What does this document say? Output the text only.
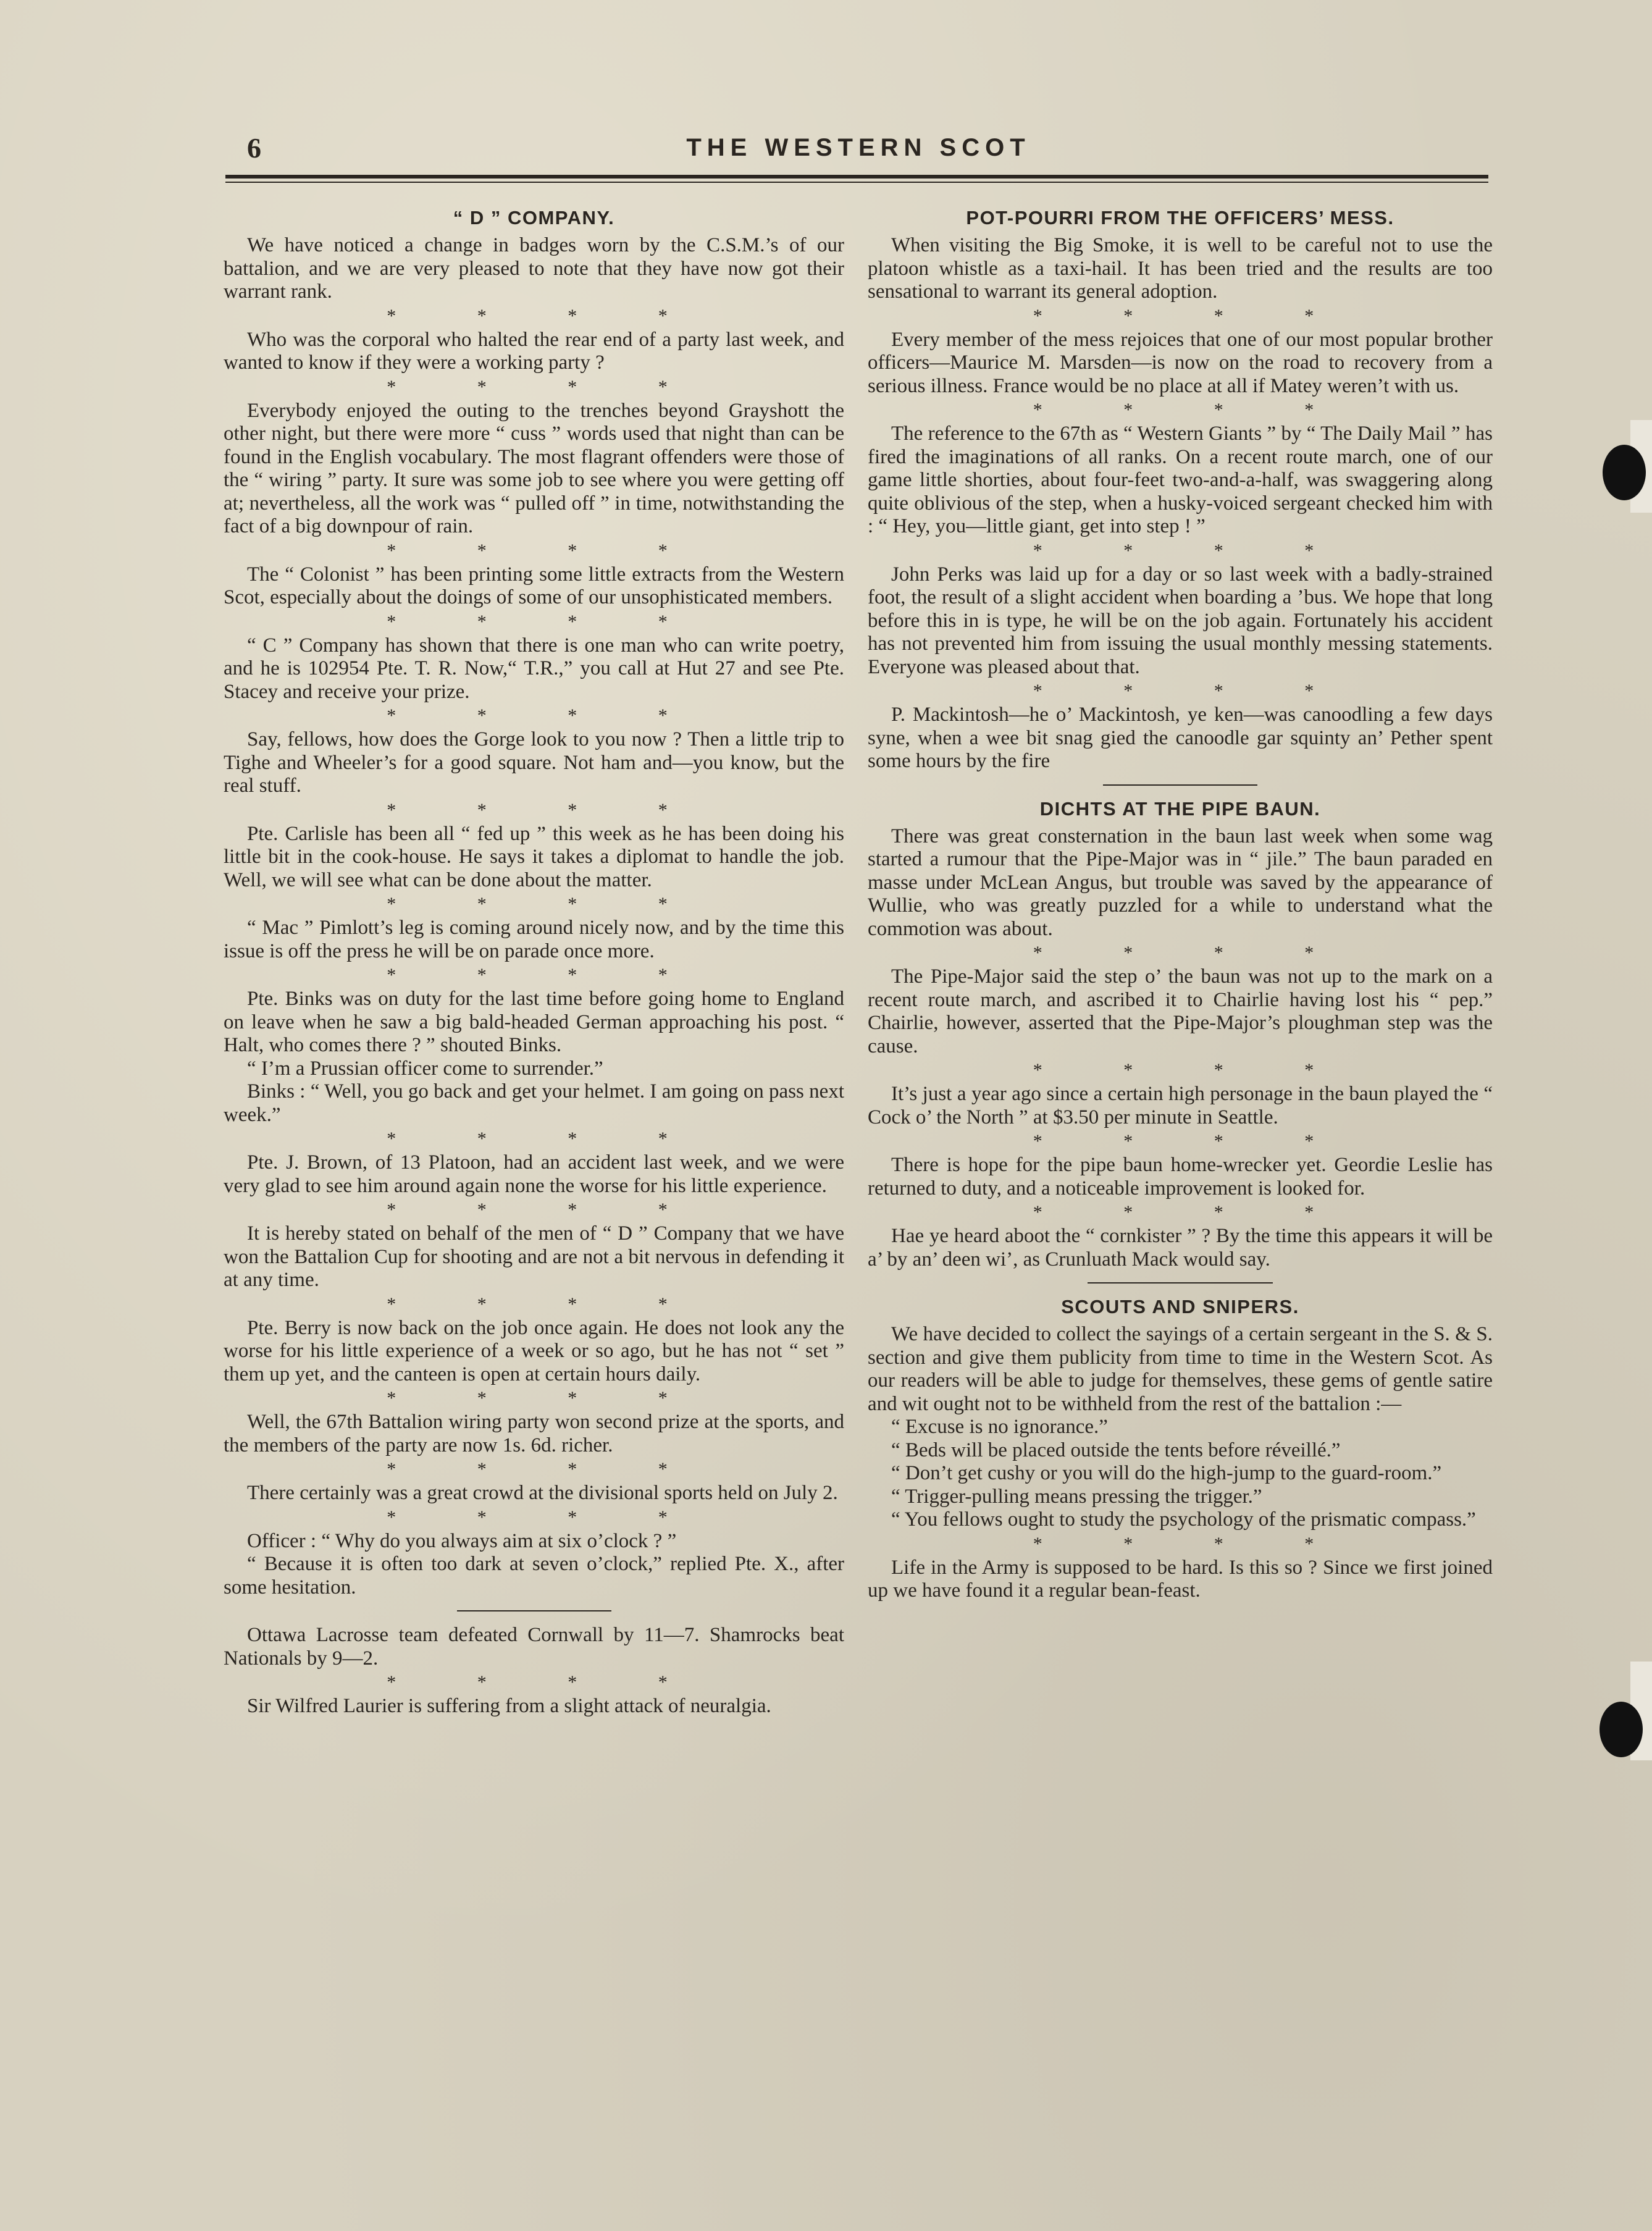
6	THE WESTERN SCOT
“ D ” COMPANY.

We have noticed a change in badges worn by the C.S.M.’s of our battalion, and we are very pleased to note that they have now got their warrant rank.

* * * *

Who was the corporal who halted the rear end of a party last week, and wanted to know if they were a working party ?

* * * *

Everybody enjoyed the outing to the trenches beyond Grayshott the other night, but there were more “ cuss ” words used that night than can be found in the English vocabulary. The most flagrant offenders were those of the “ wiring ” party. It sure was some job to see where you were getting off at; nevertheless, all the work was “ pulled off ” in time, notwithstanding the fact of a big downpour of rain.

* * * *

The “ Colonist ” has been printing some little extracts from the Western Scot, especially about the doings of some of our unsophisticated members.

* * * *

“ C ” Company has shown that there is one man who can write poetry, and he is 102954 Pte. T. R. Now,“ T.R.,” you call at Hut 27 and see Pte. Stacey and receive your prize.

* * * *

Say, fellows, how does the Gorge look to you now ? Then a little trip to Tighe and Wheeler’s for a good square. Not ham and—you know, but the real stuff.

* * * *

Pte. Carlisle has been all “ fed up ” this week as he has been doing his little bit in the cook-house. He says it takes a diplomat to handle the job. Well, we will see what can be done about the matter.

* * * *

“ Mac ” Pimlott’s leg is coming around nicely now, and by the time this issue is off the press he will be on parade once more.

* * * *

Pte. Binks was on duty for the last time before going home to England on leave when he saw a big bald-headed German approaching his post. “ Halt, who comes there ? ” shouted Binks.

“ I’m a Prussian officer come to surrender.”

Binks : “ Well, you go back and get your helmet. I am going on pass next week.”

* * * *

Pte. J. Brown, of 13 Platoon, had an accident last week, and we were very glad to see him around again none the worse for his little experience.

* * * *

It is hereby stated on behalf of the men of “ D ” Company that we have won the Battalion Cup for shooting and are not a bit nervous in defending it at any time.

* * * *

Pte. Berry is now back on the job once again. He does not look any the worse for his little experience of a week or so ago, but he has not “ set ” them up yet, and the canteen is open at certain hours daily.

* * * *

Well, the 67th Battalion wiring party won second prize at the sports, and the members of the party are now 1s. 6d. richer.

* * * *

There certainly was a great crowd at the divisional sports held on July 2.

* * * *

Officer : “ Why do you always aim at six o’clock ? ”

“ Because it is often too dark at seven o’clock,” replied Pte. X., after some hesitation.

Ottawa Lacrosse team defeated Cornwall by 11—7. Shamrocks beat Nationals by 9—2.

* * * *

Sir Wilfred Laurier is suffering from a slight attack of neuralgia.

POT-POURRI FROM THE OFFICERS’ MESS.

When visiting the Big Smoke, it is well to be careful not to use the platoon whistle as a taxi-hail. It has been tried and the results are too sensational to warrant its general adoption.

* * * *

Every member of the mess rejoices that one of our most popular brother officers—Maurice M. Marsden—is now on the road to recovery from a serious illness. France would be no place at all if Matey weren’t with us.

* * * *

The reference to the 67th as “ Western Giants ” by “ The Daily Mail ” has fired the imaginations of all ranks. On a recent route march, one of our game little shorties, about four-feet two-and-a-half, was swaggering along quite oblivious of the step, when a husky-voiced sergeant checked him with : “ Hey, you—little giant, get into step ! ”

* * * *

John Perks was laid up for a day or so last week with a badly-strained foot, the result of a slight accident when boarding a ’bus. We hope that long before this in is type, he will be on the job again. Fortunately his accident has not prevented him from issuing the usual monthly messing statements. Everyone was pleased about that.

* * * *

P. Mackintosh—he o’ Mackintosh, ye ken—was canoodling a few days syne, when a wee bit snag gied the canoodle gar squinty an’ Pether spent some hours by the fire

DICHTS AT THE PIPE BAUN.

There was great consternation in the baun last week when some wag started a rumour that the Pipe-Major was in “ jile.” The baun paraded en masse under McLean Angus, but trouble was saved by the appearance of Wullie, who was greatly puzzled for a while to understand what the commotion was about.

* * * *

The Pipe-Major said the step o’ the baun was not up to the mark on a recent route march, and ascribed it to Chairlie having lost his “ pep.” Chairlie, however, asserted that the Pipe-Major’s ploughman step was the cause.

* * * *

It’s just a year ago since a certain high personage in the baun played the “ Cock o’ the North ” at $3.50 per minute in Seattle.

* * * *

There is hope for the pipe baun home-wrecker yet. Geordie Leslie has returned to duty, and a noticeable improvement is looked for.

* * * *

Hae ye heard aboot the “ cornkister ” ? By the time this appears it will be a’ by an’ deen wi’, as Crunluath Mack would say.

SCOUTS AND SNIPERS.

We have decided to collect the sayings of a certain sergeant in the S. & S. section and give them publicity from time to time in the Western Scot. As our readers will be able to judge for themselves, these gems of gentle satire and wit ought not to be withheld from the rest of the battalion :—

“ Excuse is no ignorance.”

“ Beds will be placed outside the tents before réveillé.”

“ Don’t get cushy or you will do the high-jump to the guard-room.”

“ Trigger-pulling means pressing the trigger.”

“ You fellows ought to study the psychology of the prismatic compass.”

* * * *

Life in the Army is supposed to be hard. Is this so ? Since we first joined up we have found it a regular bean-feast.
